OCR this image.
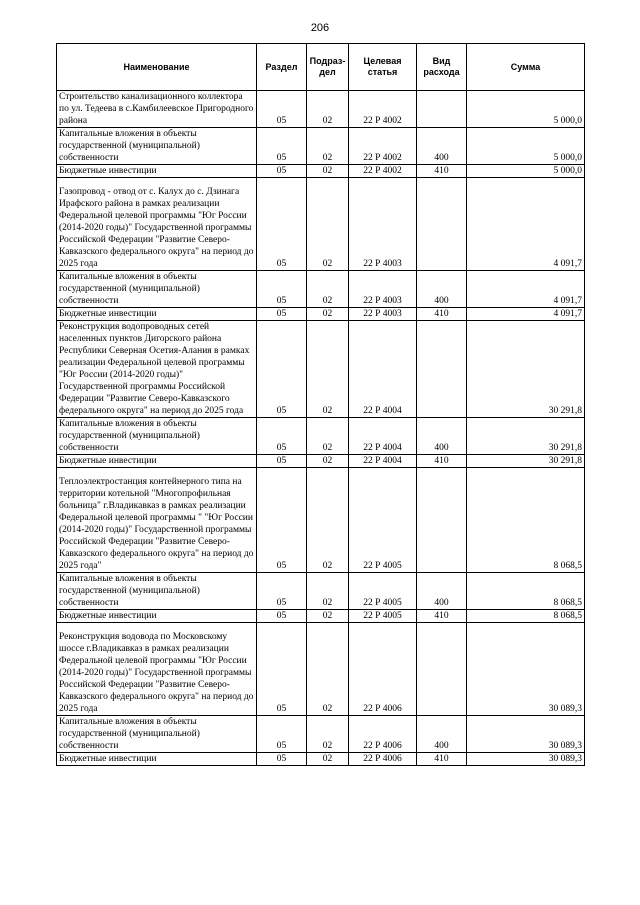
206
Наименование	Раздел	Подраз-дел	Целевая статья	Вид расхода	Сумма
Строительство канализационного коллектора по ул. Тедеева в с.Камбилеевское Пригородного района	05	02	22 Р 4002		5 000,0
Капитальные вложения в объекты государственной (муниципальной) собственности	05	02	22 Р 4002	400	5 000,0
Бюджетные инвестиции	05	02	22 Р 4002	410	5 000,0
Газопровод - отвод от с. Калух до с. Дзинага Ирафского района в рамках реализации Федеральной целевой программы "Юг России (2014-2020 годы)" Государственной программы Российской Федерации "Развитие Северо-Кавказского федерального округа" на период до 2025 года	05	02	22 Р 4003		4 091,7
Капитальные вложения в объекты государственной (муниципальной) собственности	05	02	22 Р 4003	400	4 091,7
Бюджетные инвестиции	05	02	22 Р 4003	410	4 091,7
Реконструкция водопроводных сетей населенных пунктов Дигорского района Республики Северная Осетия-Алания в рамках реализации Федеральной целевой программы "Юг России (2014-2020 годы)" Государственной программы Российской Федерации "Развитие Северо-Кавказского федерального округа" на период до 2025 года	05	02	22 Р 4004		30 291,8
Капитальные вложения в объекты государственной (муниципальной) собственности	05	02	22 Р 4004	400	30 291,8
Бюджетные инвестиции	05	02	22 Р 4004	410	30 291,8
Теплоэлектростанция контейнерного типа на территории котельной "Многопрофильная больница" г.Владикавказ в рамках реализации Федеральной целевой программы " "Юг России (2014-2020 годы)" Государственной программы Российской Федерации "Развитие Северо-Кавказского федерального округа" на период до 2025 года"	05	02	22 Р 4005		8 068,5
Капитальные вложения в объекты государственной (муниципальной) собственности	05	02	22 Р 4005	400	8 068,5
Бюджетные инвестиции	05	02	22 Р 4005	410	8 068,5
Реконструкция водовода по Московскому шоссе г.Владикавказ в рамках реализации Федеральной целевой программы "Юг России (2014-2020 годы)" Государственной программы Российской Федерации "Развитие Северо-Кавказского федерального округа" на период до 2025 года	05	02	22 Р 4006		30 089,3
Капитальные вложения в объекты государственной (муниципальной) собственности	05	02	22 Р 4006	400	30 089,3
Бюджетные инвестиции	05	02	22 Р 4006	410	30 089,3
